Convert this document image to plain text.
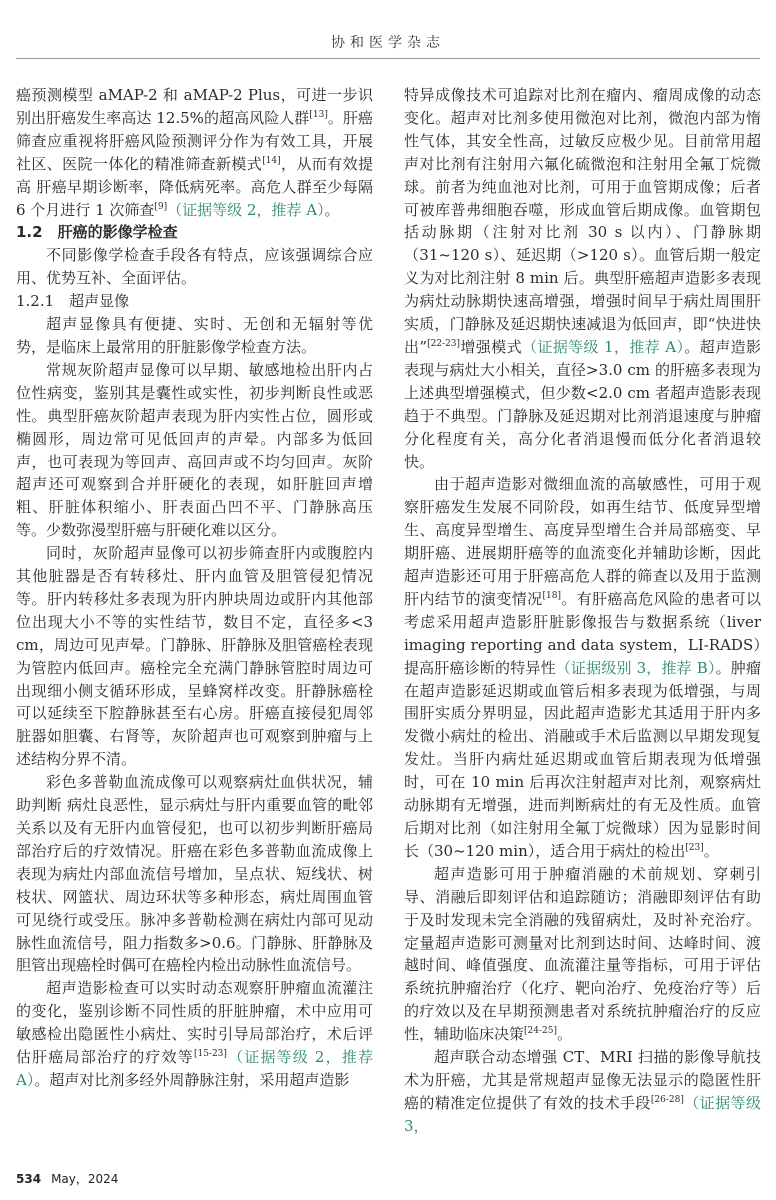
协和医学杂志

癌预测模型 aMAP-2 和 aMAP-2 Plus，可进一步识别出肝癌发生率高达 12.5%的超高风险人群[13]。肝癌筛查应重视将肝癌风险预测评分作为有效工具，开展社区、医院一体化的精准筛查新模式[14]，从而有效提高 肝癌早期诊断率，降低病死率。高危人群至少每隔 6 个月进行 1 次筛查[9]（证据等级 2，推荐 A）。

1.2　肝癌的影像学检查

不同影像学检查手段各有特点，应该强调综合应用、优势互补、全面评估。

1.2.1　超声显像

超声显像具有便捷、实时、无创和无辐射等优势，是临床上最常用的肝脏影像学检查方法。

常规灰阶超声显像可以早期、敏感地检出肝内占位性病变，鉴别其是囊性或实性，初步判断良性或恶性。典型肝癌灰阶超声表现为肝内实性占位，圆形或椭圆形，周边常可见低回声的声晕。内部多为低回声，也可表现为等回声、高回声或不均匀回声。灰阶超声还可观察到合并肝硬化的表现，如肝脏回声增粗、肝脏体积缩小、肝表面凸凹不平、门静脉高压等。少数弥漫型肝癌与肝硬化难以区分。

同时，灰阶超声显像可以初步筛查肝内或腹腔内其他脏器是否有转移灶、肝内血管及胆管侵犯情况等。肝内转移灶多表现为肝内肿块周边或肝内其他部位出现大小不等的实性结节，数目不定，直径多<3 cm，周边可见声晕。门静脉、肝静脉及胆管癌栓表现为管腔内低回声。癌栓完全充满门静脉管腔时周边可出现细小侧支循环形成，呈蜂窝样改变。肝静脉癌栓可以延续至下腔静脉甚至右心房。肝癌直接侵犯周邻脏器如胆囊、右肾等，灰阶超声也可观察到肿瘤与上述结构分界不清。

彩色多普勒血流成像可以观察病灶血供状况，辅助判断 病灶良恶性，显示病灶与肝内重要血管的毗邻关系以及有无肝内血管侵犯，也可以初步判断肝癌局部治疗后的疗效情况。肝癌在彩色多普勒血流成像上表现为病灶内部血流信号增加，呈点状、短线状、树枝状、网篮状、周边环状等多种形态，病灶周围血管可见绕行或受压。脉冲多普勒检测在病灶内部可见动脉性血流信号，阻力指数多>0.6。门静脉、肝静脉及胆管出现癌栓时偶可在癌栓内检出动脉性血流信号。

超声造影检查可以实时动态观察肝肿瘤血流灌注的变化，鉴别诊断不同性质的肝脏肿瘤，术中应用可敏感检出隐匿性小病灶、实时引导局部治疗，术后评估肝癌局部治疗的疗效等[15-23]（证据等级 2，推荐 A）。超声对比剂多经外周静脉注射，采用超声造影

特异成像技术可追踪对比剂在瘤内、瘤周成像的动态变化。超声对比剂多使用微泡对比剂，微泡内部为惰性气体，其安全性高，过敏反应极少见。目前常用超声对比剂有注射用六氟化硫微泡和注射用全氟丁烷微球。前者为纯血池对比剂，可用于血管期成像；后者可被库普弗细胞吞噬，形成血管后期成像。血管期包括动脉期（注射对比剂 30 s 以内）、门静脉期（31~120 s）、延迟期（>120 s）。血管后期一般定义为对比剂注射 8 min 后。典型肝癌超声造影多表现为病灶动脉期快速高增强，增强时间早于病灶周围肝实质，门静脉及延迟期快速减退为低回声，即“快进快出”[22-23]增强模式（证据等级 1，推荐 A）。超声造影表现与病灶大小相关，直径>3.0 cm 的肝癌多表现为上述典型增强模式，但少数<2.0 cm 者超声造影表现趋于不典型。门静脉及延迟期对比剂消退速度与肿瘤分化程度有关，高分化者消退慢而低分化者消退较快。

由于超声造影对微细血流的高敏感性，可用于观察肝癌发生发展不同阶段，如再生结节、低度异型增生、高度异型增生、高度异型增生合并局部癌变、早期肝癌、进展期肝癌等的血流变化并辅助诊断，因此超声造影还可用于肝癌高危人群的筛查以及用于监测肝内结节的演变情况[18]。有肝癌高危风险的患者可以考虑采用超声造影肝脏影像报告与数据系统（liver imaging reporting and data system，LI-RADS）提高肝癌诊断的特异性（证据级别 3，推荐 B）。肿瘤在超声造影延迟期或血管后相多表现为低增强，与周围肝实质分界明显，因此超声造影尤其适用于肝内多发微小病灶的检出、消融或手术后监测以早期发现复发灶。当肝内病灶延迟期或血管后期表现为低增强时，可在 10 min 后再次注射超声对比剂，观察病灶动脉期有无增强，进而判断病灶的有无及性质。血管后期对比剂（如注射用全氟丁烷微球）因为显影时间长（30~120 min），适合用于病灶的检出[23]。

超声造影可用于肿瘤消融的术前规划、穿刺引导、消融后即刻评估和追踪随访；消融即刻评估有助于及时发现未完全消融的残留病灶，及时补充治疗。定量超声造影可测量对比剂到达时间、达峰时间、渡越时间、峰值强度、血流灌注量等指标，可用于评估系统抗肿瘤治疗（化疗、靶向治疗、免疫治疗等）后的疗效以及在早期预测患者对系统抗肿瘤治疗的反应性，辅助临床决策[24-25]。

超声联合动态增强 CT、MRI 扫描的影像导航技术为肝癌，尤其是常规超声显像无法显示的隐匿性肝癌的精准定位提供了有效的技术手段[26-28]（证据等级 3，

534 May，2024
